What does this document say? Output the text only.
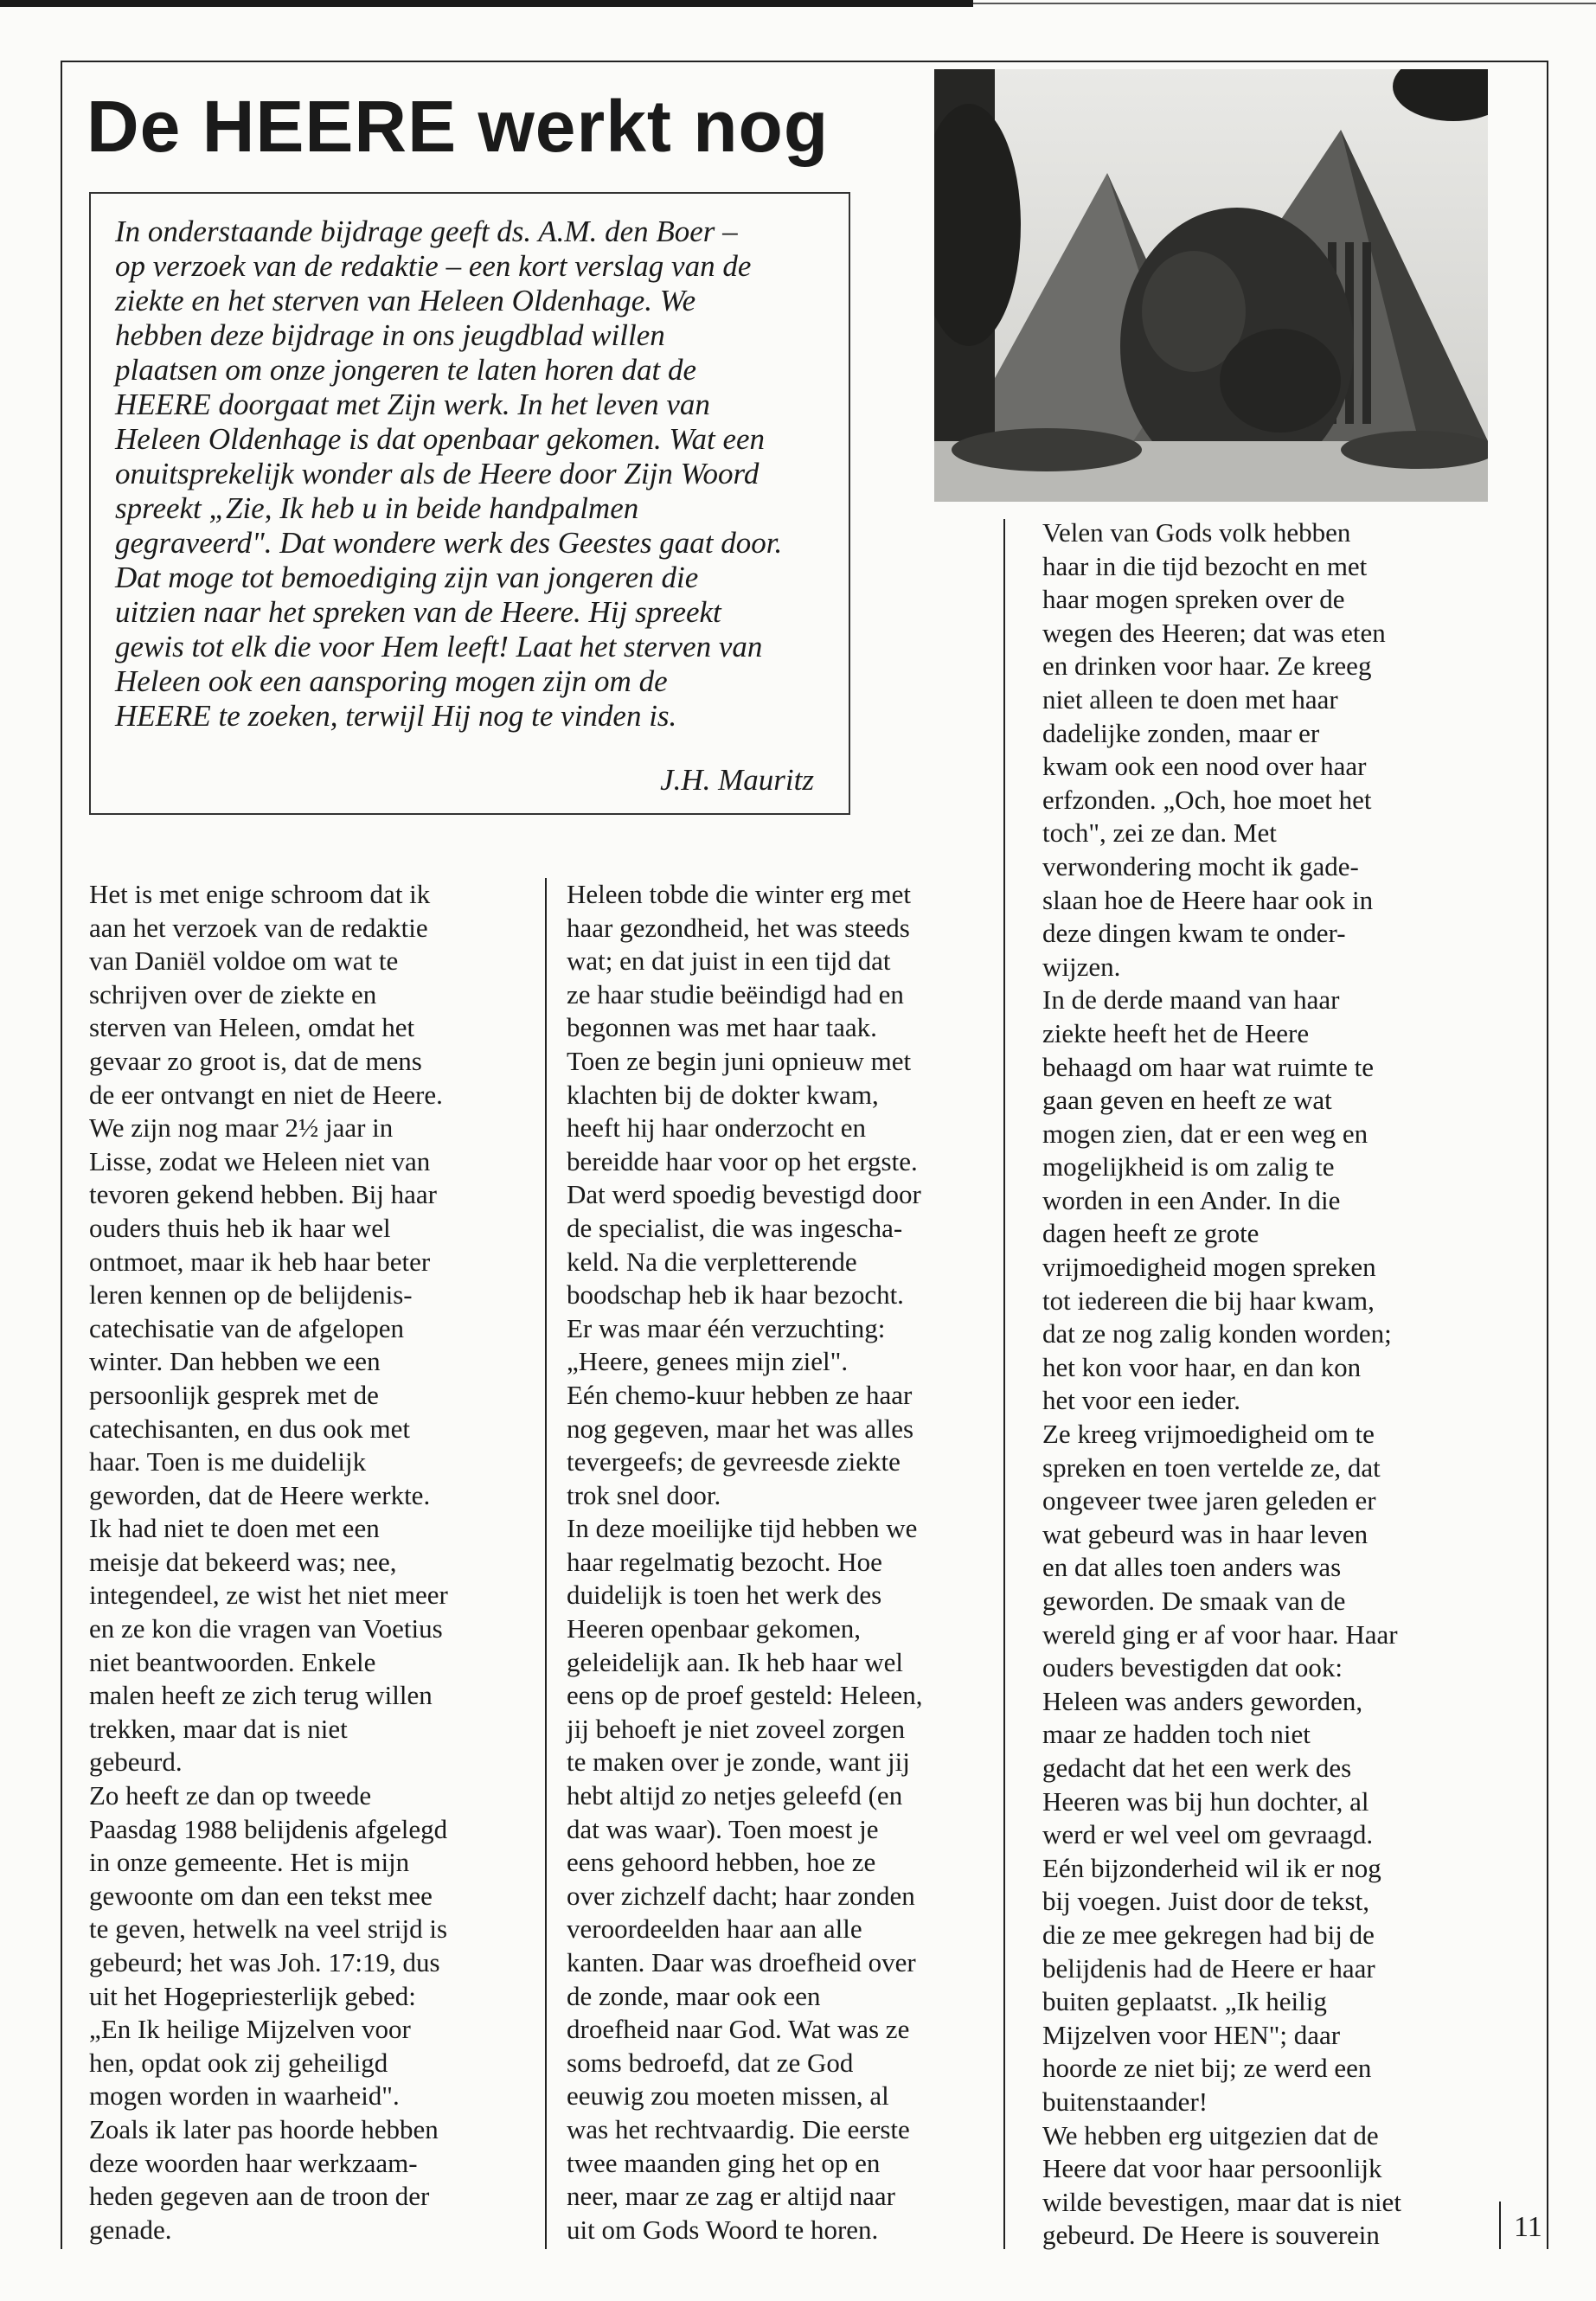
De HEERE werkt nog

In onderstaande bijdrage geeft ds. A.M. den Boer –
op verzoek van de redaktie – een kort verslag van de
ziekte en het sterven van Heleen Oldenhage. We
hebben deze bijdrage in ons jeugdblad willen
plaatsen om onze jongeren te laten horen dat de
HEERE doorgaat met Zijn werk. In het leven van
Heleen Oldenhage is dat openbaar gekomen. Wat een
onuitsprekelijk wonder als de Heere door Zijn Woord
spreekt „Zie, Ik heb u in beide handpalmen
gegraveerd". Dat wondere werk des Geestes gaat door.
Dat moge tot bemoediging zijn van jongeren die
uitzien naar het spreken van de Heere. Hij spreekt
gewis tot elk die voor Hem leeft! Laat het sterven van
Heleen ook een aansporing mogen zijn om de
HEERE te zoeken, terwijl Hij nog te vinden is.

J.H. Mauritz

Het is met enige schroom dat ik
aan het verzoek van de redaktie
van Daniël voldoe om wat te
schrijven over de ziekte en
sterven van Heleen, omdat het
gevaar zo groot is, dat de mens
de eer ontvangt en niet de Heere.
We zijn nog maar 2½ jaar in
Lisse, zodat we Heleen niet van
tevoren gekend hebben. Bij haar
ouders thuis heb ik haar wel
ontmoet, maar ik heb haar beter
leren kennen op de belijdenis-
catechisatie van de afgelopen
winter. Dan hebben we een
persoonlijk gesprek met de
catechisanten, en dus ook met
haar. Toen is me duidelijk
geworden, dat de Heere werkte.
Ik had niet te doen met een
meisje dat bekeerd was; nee,
integendeel, ze wist het niet meer
en ze kon die vragen van Voetius
niet beantwoorden. Enkele
malen heeft ze zich terug willen
trekken, maar dat is niet
gebeurd.
Zo heeft ze dan op tweede
Paasdag 1988 belijdenis afgelegd
in onze gemeente. Het is mijn
gewoonte om dan een tekst mee
te geven, hetwelk na veel strijd is
gebeurd; het was Joh. 17:19, dus
uit het Hogepriesterlijk gebed:
„En Ik heilige Mijzelven voor
hen, opdat ook zij geheiligd
mogen worden in waarheid".
Zoals ik later pas hoorde hebben
deze woorden haar werkzaam-
heden gegeven aan de troon der
genade.

Heleen tobde die winter erg met
haar gezondheid, het was steeds
wat; en dat juist in een tijd dat
ze haar studie beëindigd had en
begonnen was met haar taak.
Toen ze begin juni opnieuw met
klachten bij de dokter kwam,
heeft hij haar onderzocht en
bereidde haar voor op het ergste.
Dat werd spoedig bevestigd door
de specialist, die was ingescha-
keld. Na die verpletterende
boodschap heb ik haar bezocht.
Er was maar één verzuchting:
„Heere, genees mijn ziel".
Eén chemo-kuur hebben ze haar
nog gegeven, maar het was alles
tevergeefs; de gevreesde ziekte
trok snel door.
In deze moeilijke tijd hebben we
haar regelmatig bezocht. Hoe
duidelijk is toen het werk des
Heeren openbaar gekomen,
geleidelijk aan. Ik heb haar wel
eens op de proef gesteld: Heleen,
jij behoeft je niet zoveel zorgen
te maken over je zonde, want jij
hebt altijd zo netjes geleefd (en
dat was waar). Toen moest je
eens gehoord hebben, hoe ze
over zichzelf dacht; haar zonden
veroordeelden haar aan alle
kanten. Daar was droefheid over
de zonde, maar ook een
droefheid naar God. Wat was ze
soms bedroefd, dat ze God
eeuwig zou moeten missen, al
was het rechtvaardig. Die eerste
twee maanden ging het op en
neer, maar ze zag er altijd naar
uit om Gods Woord te horen.

Velen van Gods volk hebben
haar in die tijd bezocht en met
haar mogen spreken over de
wegen des Heeren; dat was eten
en drinken voor haar. Ze kreeg
niet alleen te doen met haar
dadelijke zonden, maar er
kwam ook een nood over haar
erfzonden. „Och, hoe moet het
toch", zei ze dan. Met
verwondering mocht ik gade-
slaan hoe de Heere haar ook in
deze dingen kwam te onder-
wijzen.
In de derde maand van haar
ziekte heeft het de Heere
behaagd om haar wat ruimte te
gaan geven en heeft ze wat
mogen zien, dat er een weg en
mogelijkheid is om zalig te
worden in een Ander. In die
dagen heeft ze grote
vrijmoedigheid mogen spreken
tot iedereen die bij haar kwam,
dat ze nog zalig konden worden;
het kon voor haar, en dan kon
het voor een ieder.
Ze kreeg vrijmoedigheid om te
spreken en toen vertelde ze, dat
ongeveer twee jaren geleden er
wat gebeurd was in haar leven
en dat alles toen anders was
geworden. De smaak van de
wereld ging er af voor haar. Haar
ouders bevestigden dat ook:
Heleen was anders geworden,
maar ze hadden toch niet
gedacht dat het een werk des
Heeren was bij hun dochter, al
werd er wel veel om gevraagd.
Eén bijzonderheid wil ik er nog
bij voegen. Juist door de tekst,
die ze mee gekregen had bij de
belijdenis had de Heere er haar
buiten geplaatst. „Ik heilig
Mijzelven voor HEN"; daar
hoorde ze niet bij; ze werd een
buitenstaander!
We hebben erg uitgezien dat de
Heere dat voor haar persoonlijk
wilde bevestigen, maar dat is niet
gebeurd. De Heere is souverein	11
